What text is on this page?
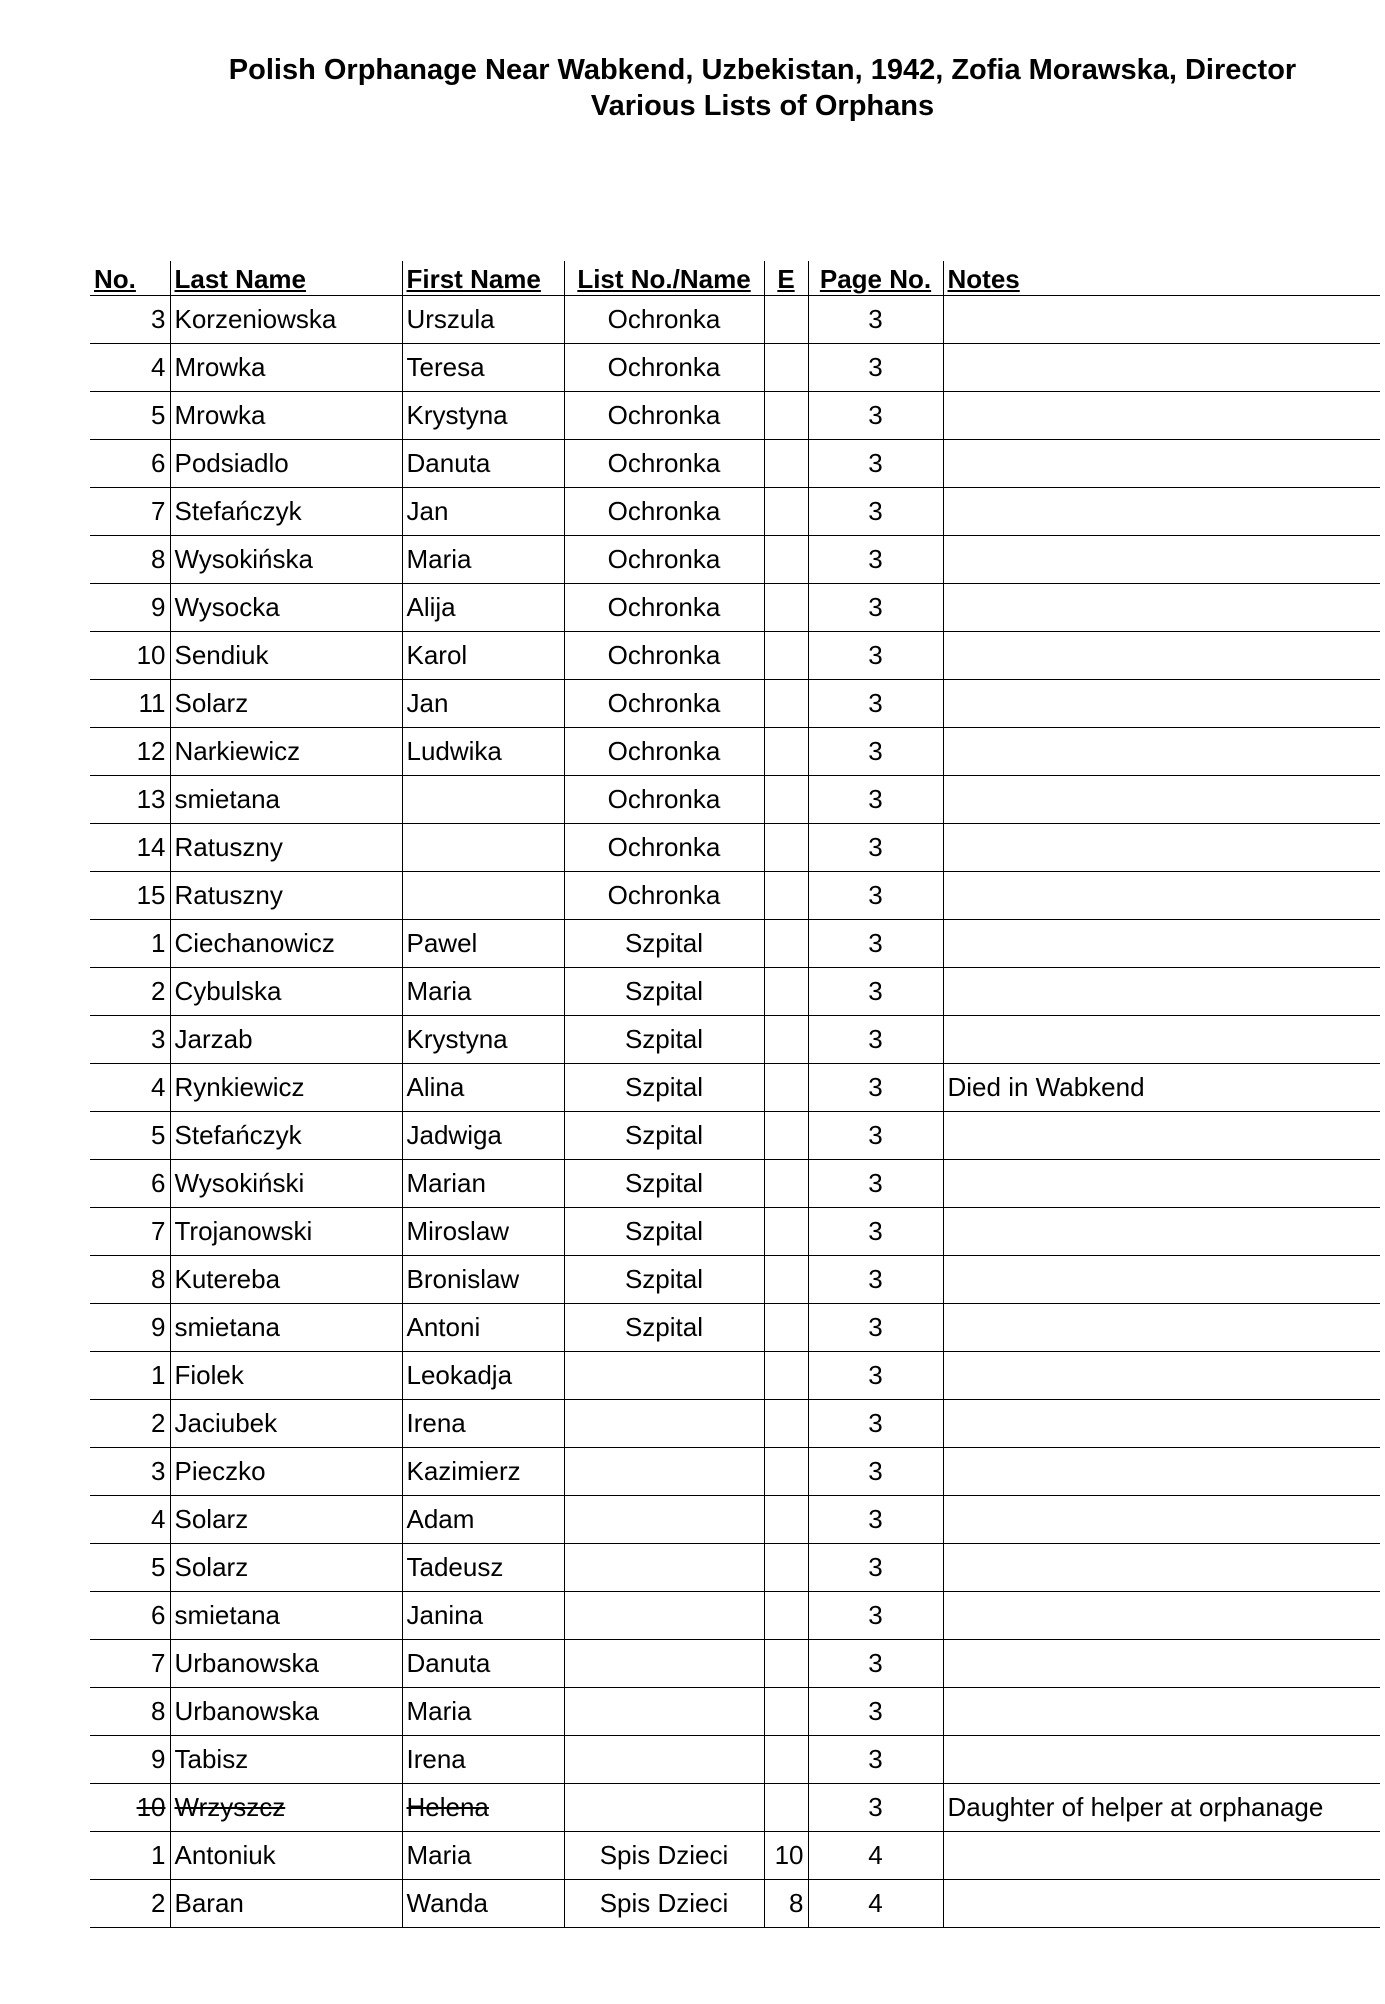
Polish Orphanage Near Wabkend, Uzbekistan, 1942, Zofia Morawska, Director
Various Lists of Orphans
No.	Last Name	First Name	List No./Name	E	Page No.	Notes
3	Korzeniowska	Urszula	Ochronka		3	
4	Mrowka	Teresa	Ochronka		3	
5	Mrowka	Krystyna	Ochronka		3	
6	Podsiadlo	Danuta	Ochronka		3	
7	Stefańczyk	Jan	Ochronka		3	
8	Wysokińska	Maria	Ochronka		3	
9	Wysocka	Alija	Ochronka		3	
10	Sendiuk	Karol	Ochronka		3	
11	Solarz	Jan	Ochronka		3	
12	Narkiewicz	Ludwika	Ochronka		3	
13	smietana		Ochronka		3	
14	Ratuszny		Ochronka		3	
15	Ratuszny		Ochronka		3	
1	Ciechanowicz	Pawel	Szpital		3	
2	Cybulska	Maria	Szpital		3	
3	Jarzab	Krystyna	Szpital		3	
4	Rynkiewicz	Alina	Szpital		3	Died in Wabkend
5	Stefańczyk	Jadwiga	Szpital		3	
6	Wysokiński	Marian	Szpital		3	
7	Trojanowski	Miroslaw	Szpital		3	
8	Kutereba	Bronislaw	Szpital		3	
9	smietana	Antoni	Szpital		3	
1	Fiolek	Leokadja			3	
2	Jaciubek	Irena			3	
3	Pieczko	Kazimierz			3	
4	Solarz	Adam			3	
5	Solarz	Tadeusz			3	
6	smietana	Janina			3	
7	Urbanowska	Danuta			3	
8	Urbanowska	Maria			3	
9	Tabisz	Irena			3	
10	Wrzyszcz	Helena			3	Daughter of helper at orphanage
1	Antoniuk	Maria	Spis Dzieci	10	4	
2	Baran	Wanda	Spis Dzieci	8	4	
